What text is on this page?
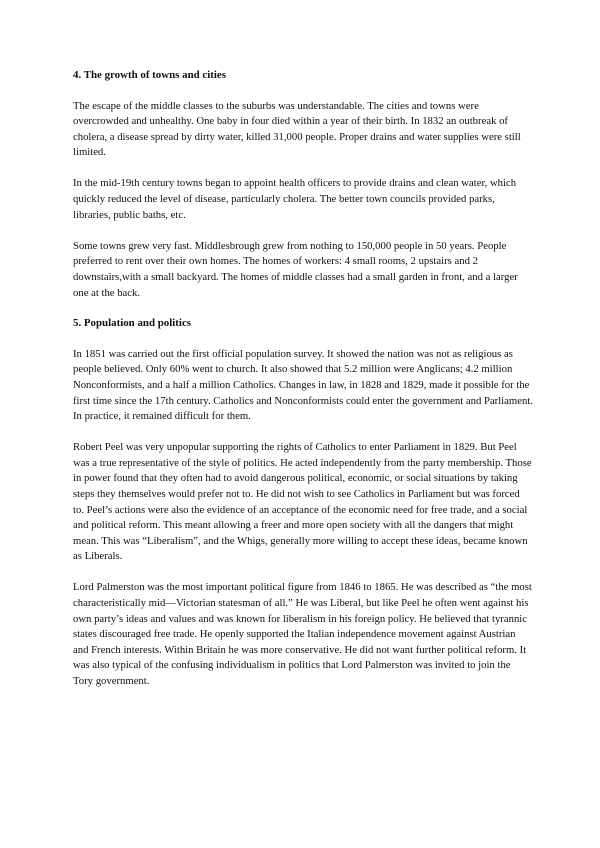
4. The growth of towns and cities

The escape of the middle classes to the suburbs was understandable. The cities and towns were overcrowded and unhealthy. One baby in four died within a year of their birth. In 1832 an outbreak of cholera, a disease spread by dirty water, killed 31,000 people. Proper drains and water supplies were still limited.

In the mid-19th century towns began to appoint health officers to provide drains and clean water, which quickly reduced the level of disease, particularly cholera. The better town councils provided parks, libraries, public baths, etc.

Some towns grew very fast. Middlesbrough grew from nothing to 150,000 people in 50 years. People preferred to rent over their own homes. The homes of workers: 4 small rooms, 2 upstairs and 2 downstairs,with a small backyard. The homes of middle classes had a small garden in front, and a larger one at the back.

5. Population and politics

In 1851 was carried out the first official population survey. It showed the nation was not as religious as people believed. Only 60% went to church. It also showed that 5.2 million were Anglicans; 4.2 million Nonconformists, and a half a million Catholics. Changes in law, in 1828 and 1829, made it possible for the first time since the 17th century. Catholics and Nonconformists could enter the government and Parliament. In practice, it remained difficult for them.

Robert Peel was very unpopular supporting the rights of Catholics to enter Parliament in 1829. But Peel was a true representative of the style of politics. He acted independently from the party membership. Those in power found that they often had to avoid dangerous political, economic, or social situations by taking steps they themselves would prefer not to. He did not wish to see Catholics in Parliament but was forced to. Peel’s actions were also the evidence of an acceptance of the economic need for free trade, and a social and political reform. This meant allowing a freer and more open society with all the dangers that might mean. This was “Liberalism”, and the Whigs, generally more willing to accept these ideas, became known as Liberals.

Lord Palmerston was the most important political figure from 1846 to 1865. He was described as “the most characteristically mid—Victorian statesman of all.” He was Liberal, but like Peel he often went against his own party’s ideas and values and was known for liberalism in his foreign policy. He believed that tyrannic states discouraged free trade. He openly supported the Italian independence movement against Austrian and French interests. Within Britain he was more conservative. He did not want further political reform. It was also typical of the confusing individualism in politics that Lord Palmerston was invited to join the Tory government.
